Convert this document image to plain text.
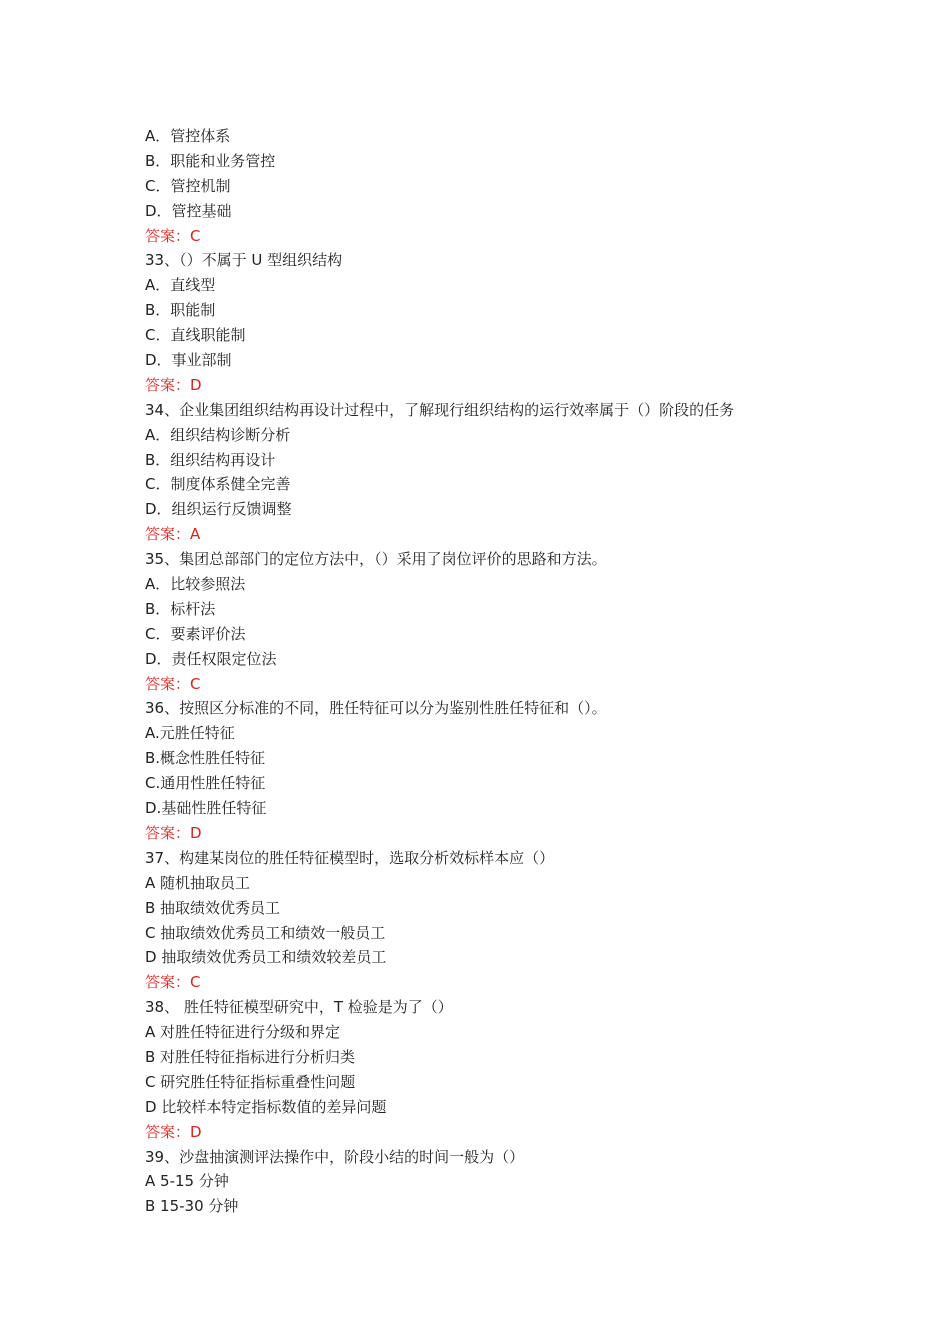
A．管控体系
B．职能和业务管控
C．管控机制
D．管控基础
答案：C
33、（）不属于 U 型组织结构
A．直线型
B．职能制
C．直线职能制
D．事业部制
答案：D
34、企业集团组织结构再设计过程中，了解现行组织结构的运行效率属于（）阶段的任务
A．组织结构诊断分析
B．组织结构再设计
C．制度体系健全完善
D．组织运行反馈调整
答案：A
35、集团总部部门的定位方法中，（）采用了岗位评价的思路和方法。
A．比较参照法
B．标杆法
C．要素评价法
D．责任权限定位法
答案：C
36、按照区分标准的不同，胜任特征可以分为鉴别性胜任特征和（）。
A.元胜任特征
B.概念性胜任特征
C.通用性胜任特征
D.基础性胜任特征
答案：D
37、构建某岗位的胜任特征模型时，选取分析效标样本应（）
A 随机抽取员工
B 抽取绩效优秀员工
C 抽取绩效优秀员工和绩效一般员工
D 抽取绩效优秀员工和绩效较差员工
答案：C
38、 胜任特征模型研究中，T 检验是为了（）
A 对胜任特征进行分级和界定
B 对胜任特征指标进行分析归类
C 研究胜任特征指标重叠性问题
D 比较样本特定指标数值的差异问题
答案：D
39、沙盘抽演测评法操作中，阶段小结的时间一般为（）
A 5-15 分钟
B 15-30 分钟
